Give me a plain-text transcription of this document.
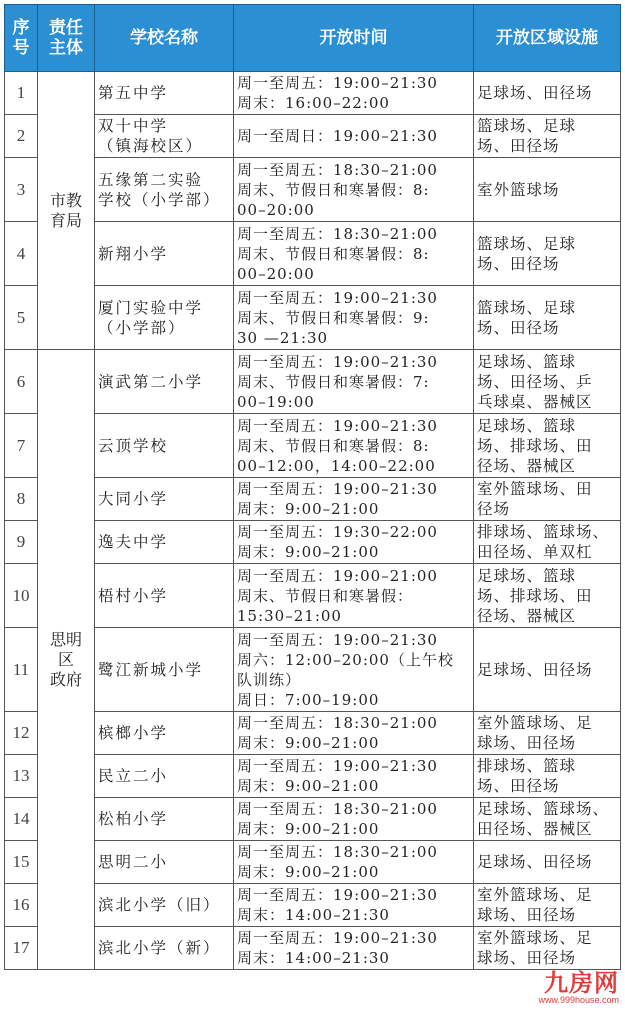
序
号	责任
主体	学校名称	开放时间	开放区域设施
1	市教
育局	第五中学	周一至周五：19:00–21:30
周末：16:00–22:00	足球场、田径场
2		双十中学
（镇海校区）	周一至周日：19:00–21:30	篮球场、足球
场、田径场
3		五缘第二实验
学校（小学部）	周一至周五：18:30–21:00
周末、节假日和寒暑假：8:
00–20:00	室外篮球场
4		新翔小学	周一至周五：18:30–21:00
周末、节假日和寒暑假：8:
00–20:00	篮球场、足球
场、田径场
5		厦门实验中学
（小学部）	周一至周五：19:00–21:30
周末、节假日和寒暑假：9:
30 —21:30	篮球场、足球
场、田径场
6	思明
区
政府	演武第二小学	周一至周五：19:00–21:30
周末、节假日和寒暑假：7:
00–19:00	足球场、篮球
场、田径场、乒
乓球桌、器械区
7		云顶学校	周一至周五：19:00–21:30
周末、节假日和寒暑假：8:
00–12:00，14:00–22:00	足球场、篮球
场、排球场、田
径场、器械区
8		大同小学	周一至周五：19:00–21:30
周末：9:00–21:00	室外篮球场、田
径场
9		逸夫中学	周一至周五：19:30–22:00
周末：9:00–21:00	排球场、篮球场、
田径场、单双杠
10		梧村小学	周一至周五：19:00–21:00
周末、节假日和寒暑假：
15:30–21:00	足球场、篮球
场、排球场、田
径场、器械区
11		鹭江新城小学	周一至周五：19:00–21:30
周六：12:00–20:00（上午校
队训练）
周日：7:00–19:00	足球场、田径场
12		槟榔小学	周一至周五：18:30–21:00
周末：9:00–21:00	室外篮球场、足
球场、田径场
13		民立二小	周一至周五：19:00–21:30
周末：9:00–21:00	排球场、篮球
场、田径场
14		松柏小学	周一至周五：18:30–21:00
周末：9:00–21:00	足球场、篮球场、
田径场、器械区
15		思明二小	周一至周五：18:30–21:00
周末：9:00–21:00	足球场、田径场
16		滨北小学（旧）	周一至周五：19:00–21:30
周末：14:00–21:30	室外篮球场、足
球场、田径场
17		滨北小学（新）	周一至周五：19:00–21:30
周末：14:00–21:30	室外篮球场、足
球场、田径场
九房网
www.999house.com
